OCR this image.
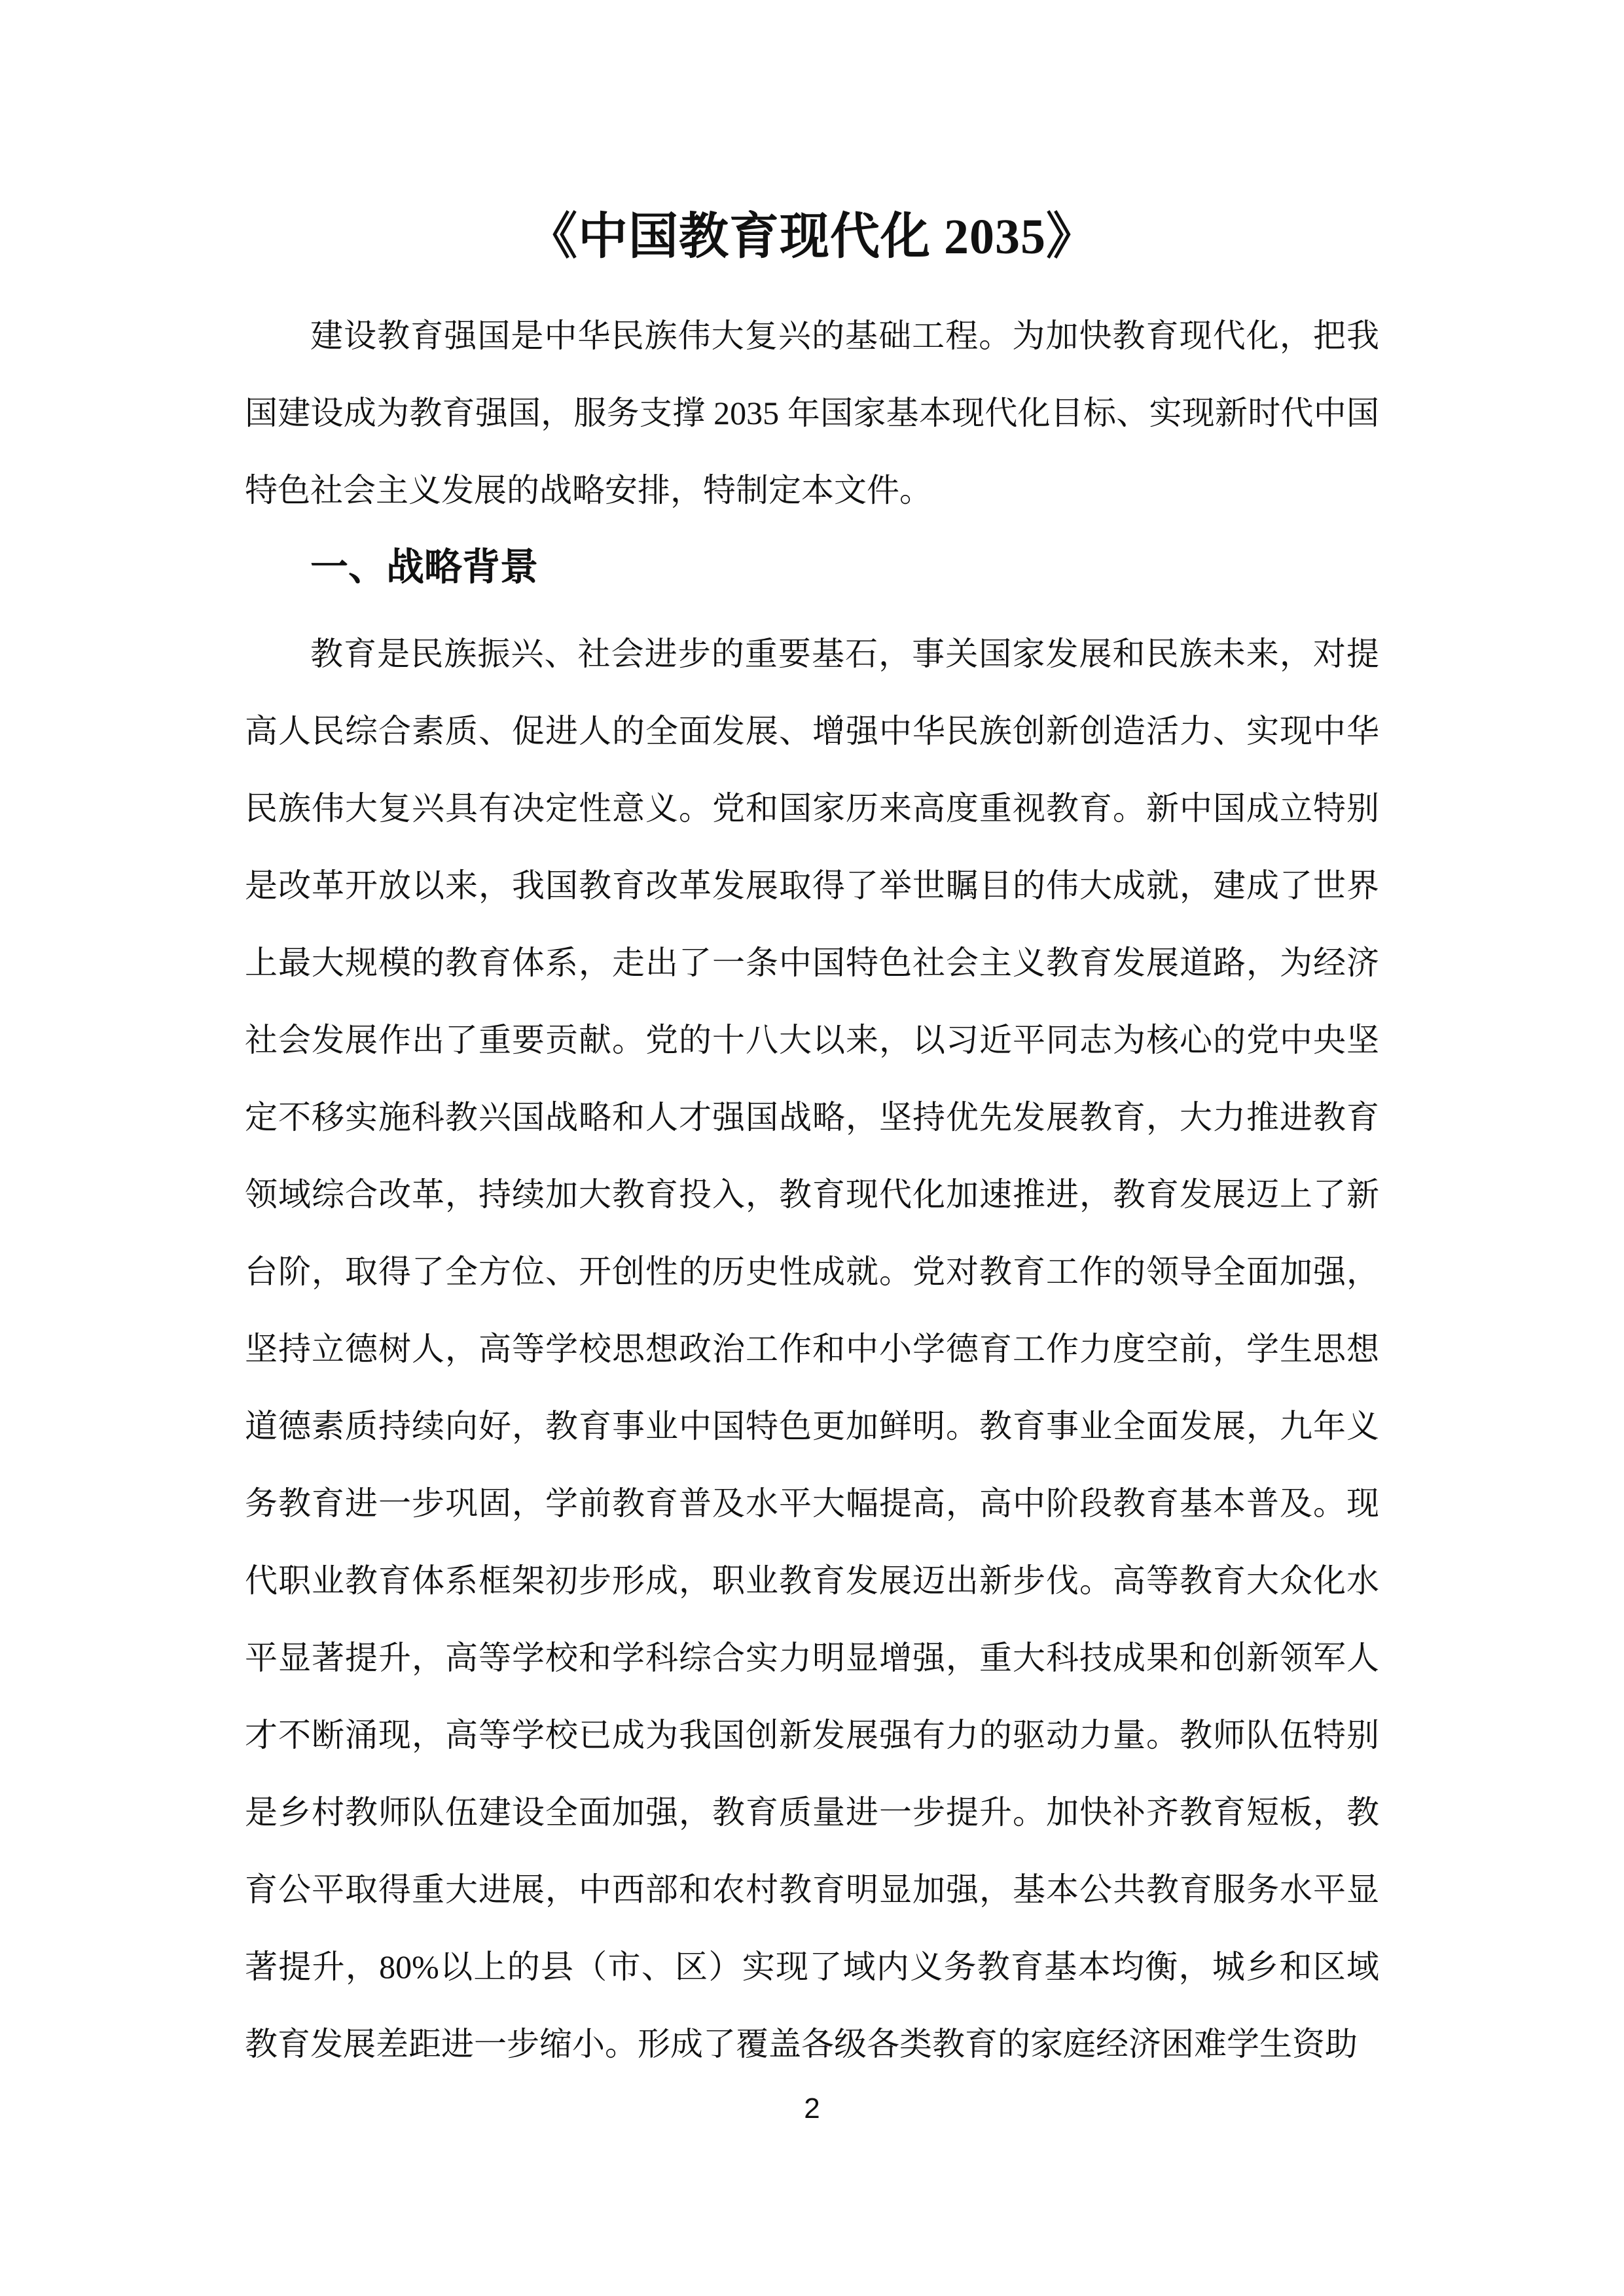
《中国教育现代化 2035》

建设教育强国是中华民族伟大复兴的基础工程。为加快教育现代化，把我国建设成为教育强国，服务支撑 2035 年国家基本现代化目标、实现新时代中国特色社会主义发展的战略安排，特制定本文件。

一、战略背景

教育是民族振兴、社会进步的重要基石，事关国家发展和民族未来，对提高人民综合素质、促进人的全面发展、增强中华民族创新创造活力、实现中华民族伟大复兴具有决定性意义。党和国家历来高度重视教育。新中国成立特别是改革开放以来，我国教育改革发展取得了举世瞩目的伟大成就，建成了世界上最大规模的教育体系，走出了一条中国特色社会主义教育发展道路，为经济社会发展作出了重要贡献。党的十八大以来，以习近平同志为核心的党中央坚定不移实施科教兴国战略和人才强国战略，坚持优先发展教育，大力推进教育领域综合改革，持续加大教育投入，教育现代化加速推进，教育发展迈上了新台阶，取得了全方位、开创性的历史性成就。党对教育工作的领导全面加强，坚持立德树人，高等学校思想政治工作和中小学德育工作力度空前，学生思想道德素质持续向好，教育事业中国特色更加鲜明。教育事业全面发展，九年义务教育进一步巩固，学前教育普及水平大幅提高，高中阶段教育基本普及。现代职业教育体系框架初步形成，职业教育发展迈出新步伐。高等教育大众化水平显著提升，高等学校和学科综合实力明显增强，重大科技成果和创新领军人才不断涌现，高等学校已成为我国创新发展强有力的驱动力量。教师队伍特别是乡村教师队伍建设全面加强，教育质量进一步提升。加快补齐教育短板，教育公平取得重大进展，中西部和农村教育明显加强，基本公共教育服务水平显著提升，80%以上的县（市、区）实现了域内义务教育基本均衡，城乡和区域教育发展差距进一步缩小。形成了覆盖各级各类教育的家庭经济困难学生资助

2
